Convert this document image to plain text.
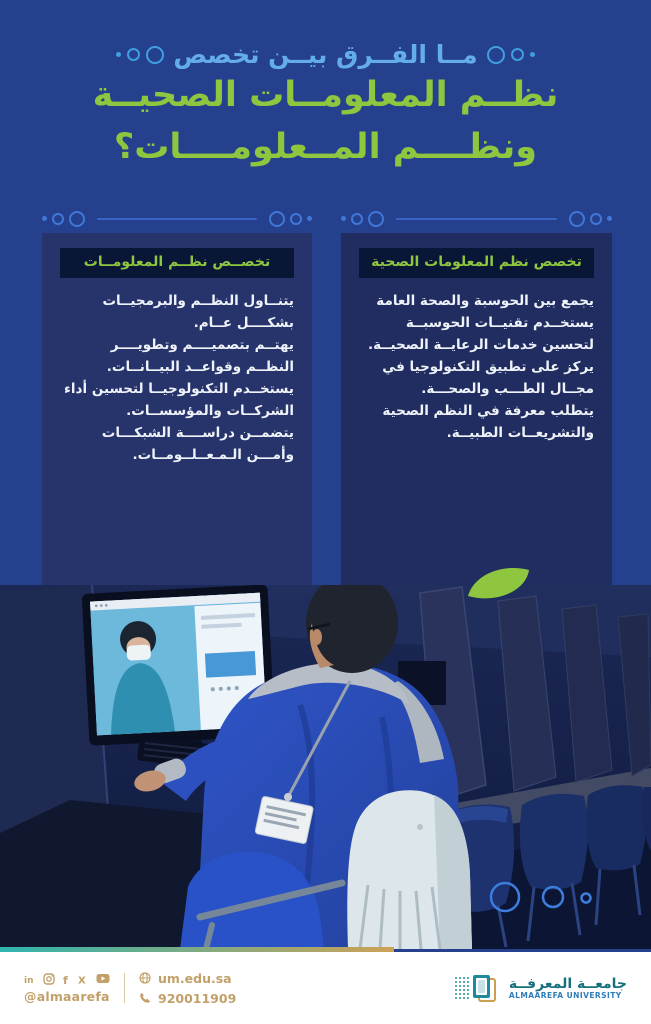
مــا الفــرق بيــن تخصص
نظــم المعلومــات الصحيــة
ونظــــم المــعلومــــات؟
تخصــص نظــم المعلومــات

يتنــاول النظــم والبرمجيــات بشكــــل عــام.

يهتــم بتصميــــم وتطويــــر النظــم وقواعــد البيــانــات.

يستخــدم التكنولوجيــا لتحسين أداء الشركــات والمؤسســات.

يتضمــن دراســــة الشبكـــات وأمـــن الـمـعــلــومــات.

تخصص نظم المعلومات الصحية

يجمع بين الحوسبة والصحة العامة

يستخــدم تقنيــات الحوسبــة لتحسين خدمات الرعايــة الصحيــة.

يركز على تطبيق التكنولوجيا في مجــال الطـــب والصحـــة.

يتطلب معرفة في النظم الصحية والتشريعــات الطبيــة.

in	f X
@almaarefa
um.edu.sa
920011909
جامعــة المعرفــة
ALMAAREFA UNIVERSITY
